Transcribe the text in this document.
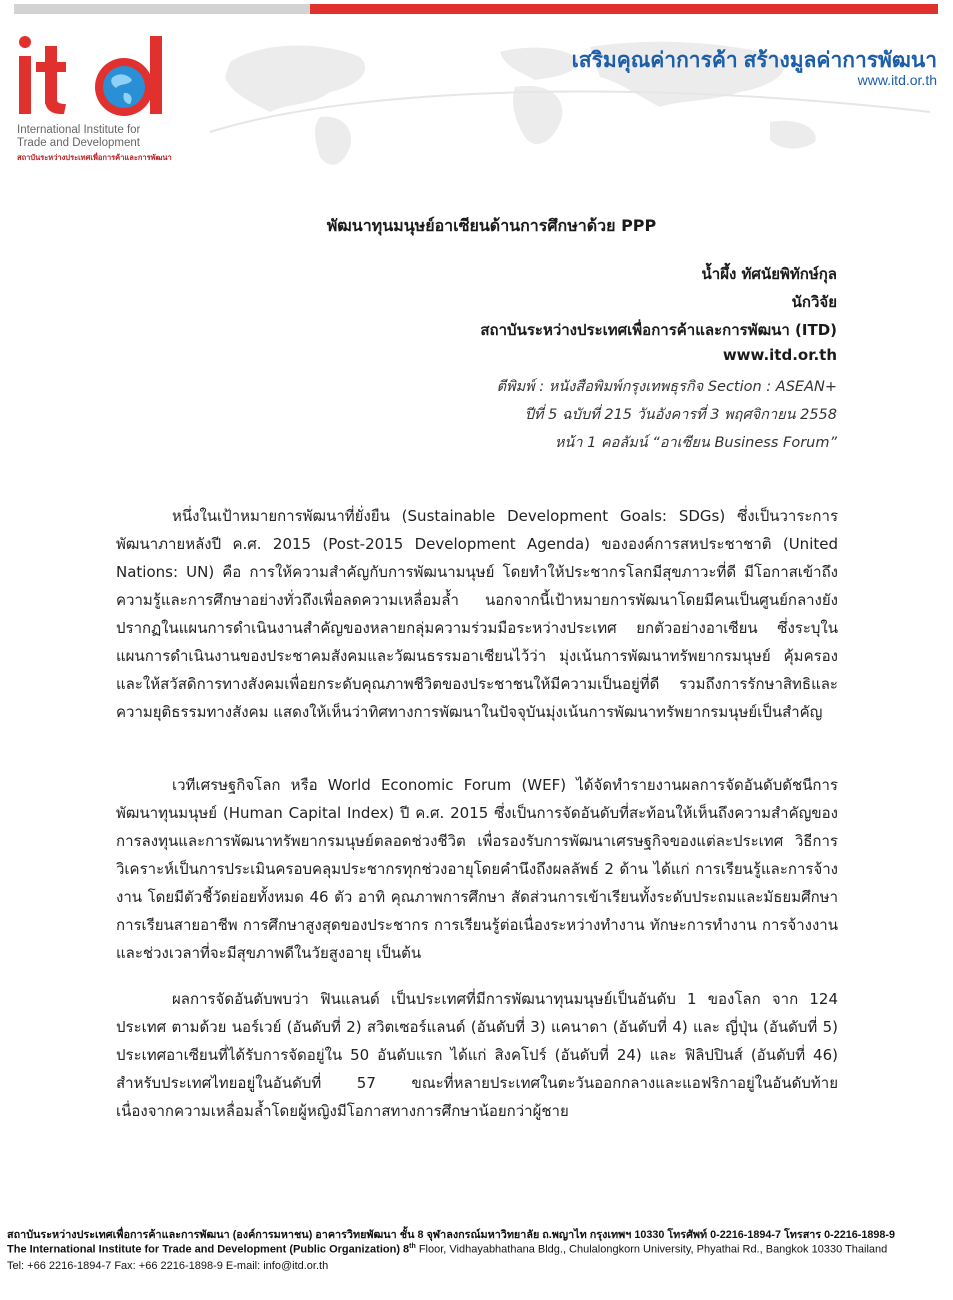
International Institute for
Trade and Development
สถาบันระหว่างประเทศเพื่อการค้าและการพัฒนา
เสริมคุณค่าการค้า สร้างมูลค่าการพัฒนา
www.itd.or.th
พัฒนาทุนมนุษย์อาเซียนด้านการศึกษาด้วย PPP
น้ำผึ้ง ทัศนัยพิทักษ์กุล
นักวิจัย
สถาบันระหว่างประเทศเพื่อการค้าและการพัฒนา (ITD)
www.itd.or.th
ตีพิมพ์ : หนังสือพิมพ์กรุงเทพธุรกิจ Section : ASEAN+
ปีที่ 5 ฉบับที่ 215 วันอังคารที่ 3 พฤศจิกายน 2558
หน้า 1 คอลัมน์ “อาเซียน Business Forum”

หนึ่งในเป้าหมายการพัฒนาที่ยั่งยืน (Sustainable Development Goals: SDGs) ซึ่งเป็นวาระการพัฒนาภายหลังปี ค.ศ. 2015 (Post-2015 Development Agenda) ขององค์การสหประชาชาติ (United Nations: UN) คือ การให้ความสำคัญกับการพัฒนามนุษย์ โดยทำให้ประชากรโลกมีสุขภาวะที่ดี มีโอกาสเข้าถึงความรู้และการศึกษาอย่างทั่วถึงเพื่อลดความเหลื่อมล้ำ นอกจากนี้เป้าหมายการพัฒนาโดยมีคนเป็นศูนย์กลางยังปรากฏในแผนการดำเนินงานสำคัญของหลายกลุ่มความร่วมมือระหว่างประเทศ ยกตัวอย่างอาเซียน ซึ่งระบุในแผนการดำเนินงานของประชาคมสังคมและวัฒนธรรมอาเซียนไว้ว่า มุ่งเน้นการพัฒนาทรัพยากรมนุษย์ คุ้มครองและให้สวัสดิการทางสังคมเพื่อยกระดับคุณภาพชีวิตของประชาชนให้มีความเป็นอยู่ที่ดี รวมถึงการรักษาสิทธิและความยุติธรรมทางสังคม แสดงให้เห็นว่าทิศทางการพัฒนาในปัจจุบันมุ่งเน้นการพัฒนาทรัพยากรมนุษย์เป็นสำคัญ

เวทีเศรษฐกิจโลก หรือ World Economic Forum (WEF) ได้จัดทำรายงานผลการจัดอันดับดัชนีการพัฒนาทุนมนุษย์ (Human Capital Index) ปี ค.ศ. 2015 ซึ่งเป็นการจัดอันดับที่สะท้อนให้เห็นถึงความสำคัญของการลงทุนและการพัฒนาทรัพยากรมนุษย์ตลอดช่วงชีวิต เพื่อรองรับการพัฒนาเศรษฐกิจของแต่ละประเทศ วิธีการวิเคราะห์เป็นการประเมินครอบคลุมประชากรทุกช่วงอายุโดยคำนึงถึงผลลัพธ์ 2 ด้าน ได้แก่ การเรียนรู้และการจ้างงาน โดยมีตัวชี้วัดย่อยทั้งหมด 46 ตัว อาทิ คุณภาพการศึกษา สัดส่วนการเข้าเรียนทั้งระดับประถมและมัธยมศึกษา การเรียนสายอาชีพ การศึกษาสูงสุดของประชากร การเรียนรู้ต่อเนื่องระหว่างทำงาน ทักษะการทำงาน การจ้างงาน และช่วงเวลาที่จะมีสุขภาพดีในวัยสูงอายุ เป็นต้น

ผลการจัดอันดับพบว่า ฟินแลนด์ เป็นประเทศที่มีการพัฒนาทุนมนุษย์เป็นอันดับ 1 ของโลก จาก 124 ประเทศ ตามด้วย นอร์เวย์ (อันดับที่ 2) สวิตเซอร์แลนด์ (อันดับที่ 3) แคนาดา (อันดับที่ 4) และ ญี่ปุ่น (อันดับที่ 5) ประเทศอาเซียนที่ได้รับการจัดอยู่ใน 50 อันดับแรก ได้แก่ สิงคโปร์ (อันดับที่ 24) และ ฟิลิปปินส์ (อันดับที่ 46) สำหรับประเทศไทยอยู่ในอันดับที่ 57 ขณะที่หลายประเทศในตะวันออกกลางและแอฟริกาอยู่ในอันดับท้าย เนื่องจากความเหลื่อมล้ำโดยผู้หญิงมีโอกาสทางการศึกษาน้อยกว่าผู้ชาย

สถาบันระหว่างประเทศเพื่อการค้าและการพัฒนา (องค์การมหาชน) อาคารวิทยพัฒนา ชั้น 8 จุฬาลงกรณ์มหาวิทยาลัย ถ.พญาไท กรุงเทพฯ 10330 โทรศัพท์ 0-2216-1894-7 โทรสาร 0-2216-1898-9
The International Institute for Trade and Development (Public Organization) 8th Floor, Vidhayabhathana Bldg., Chulalongkorn University, Phyathai Rd., Bangkok 10330 Thailand
Tel: +66 2216-1894-7 Fax: +66 2216-1898-9 E-mail: info@itd.or.th
